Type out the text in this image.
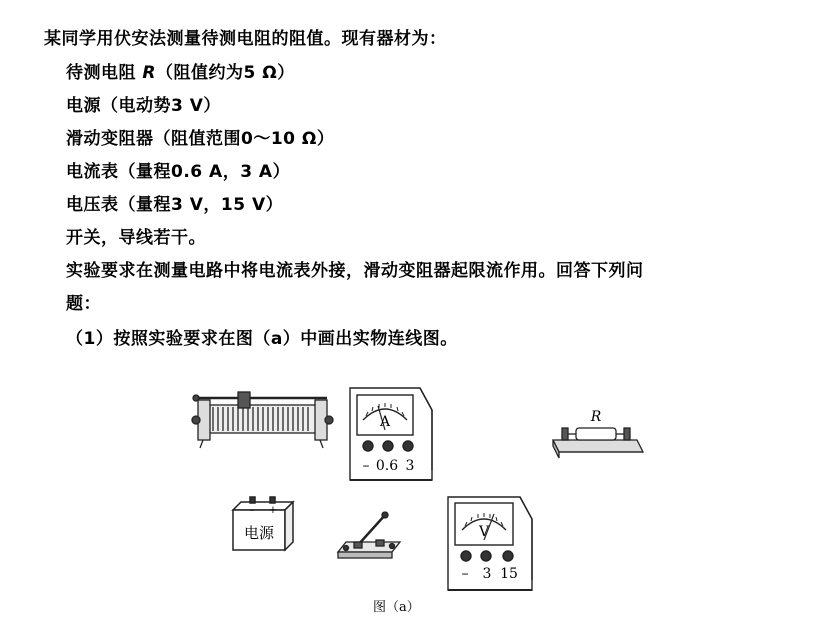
某同学用伏安法测量待测电阻的阻值。现有器材为：
待测电阻 R（阻值约为5 Ω）
电源（电动势3 V）
滑动变阻器（阻值范围0～10 Ω）
电流表（量程0.6 A，3 A）
电压表（量程3 V，15 V）
开关，导线若干。
实验要求在测量电路中将电流表外接，滑动变阻器起限流作用。回答下列问
题：
（1）按照实验要求在图（a）中画出实物连线图。
A
– 0.6 3
R
– +
电源	V
– 3 15
图（a）
